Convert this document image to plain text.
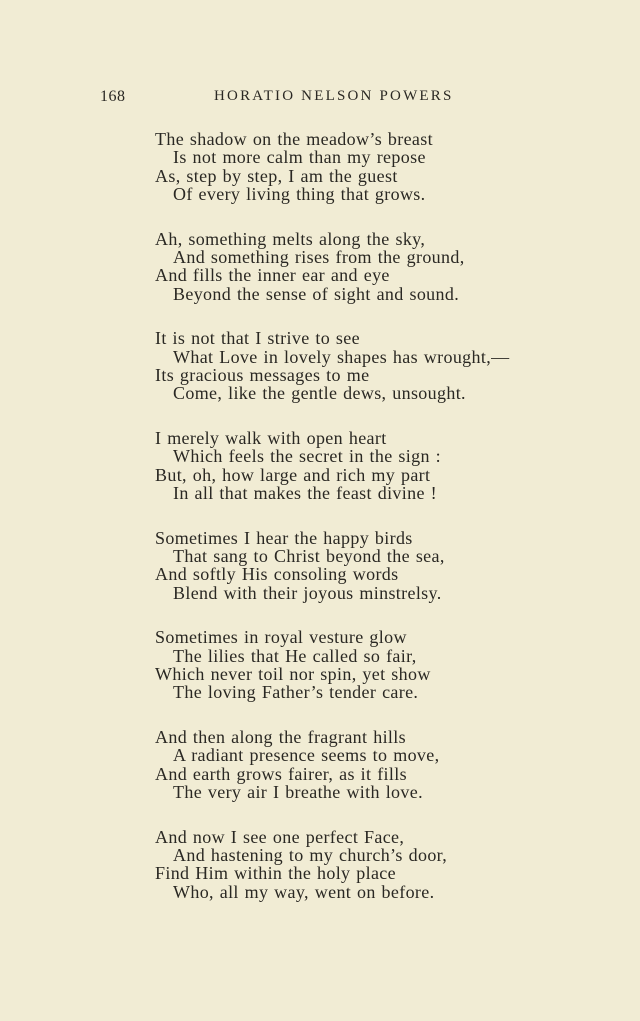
168	HORATIO NELSON POWERS
The shadow on the meadow’s breast
Is not more calm than my repose
As, step by step, I am the guest
Of every living thing that grows.
Ah, something melts along the sky,
And something rises from the ground,
And fills the inner ear and eye
Beyond the sense of sight and sound.
It is not that I strive to see
What Love in lovely shapes has wrought,—
Its gracious messages to me
Come, like the gentle dews, unsought.
I merely walk with open heart
Which feels the secret in the sign :
But, oh, how large and rich my part
In all that makes the feast divine !
Sometimes I hear the happy birds
That sang to Christ beyond the sea,
And softly His consoling words
Blend with their joyous minstrelsy.
Sometimes in royal vesture glow
The lilies that He called so fair,
Which never toil nor spin, yet show
The loving Father’s tender care.
And then along the fragrant hills
A radiant presence seems to move,
And earth grows fairer, as it fills
The very air I breathe with love.
And now I see one perfect Face,
And hastening to my church’s door,
Find Him within the holy place
Who, all my way, went on before.
